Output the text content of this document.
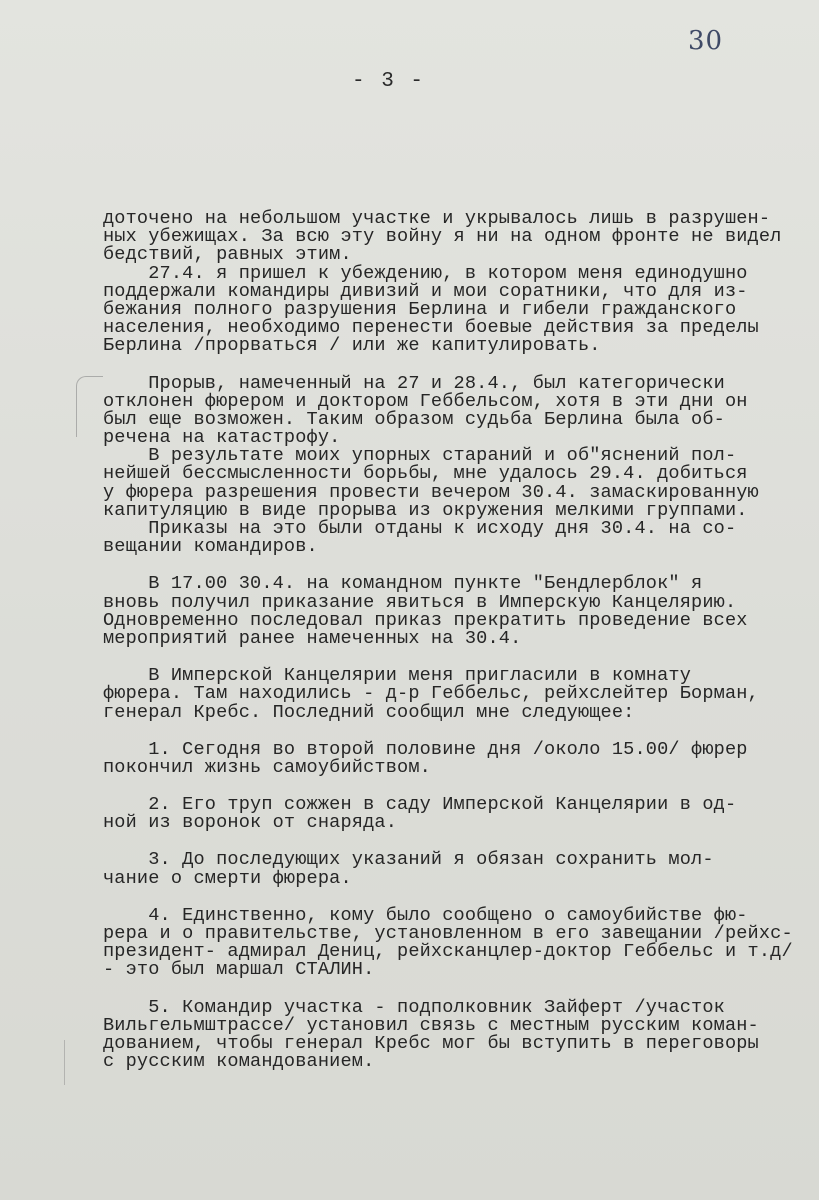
30
- 3 -
доточено на небольшом участке и укрывалось лишь в разрушен-
ных убежищах. За всю эту войну я ни на одном фронте не видел
бедствий, равных этим.
27.4. я пришел к убеждению, в котором меня единодушно
поддержали командиры дивизий и мои соратники, что для из-
бежания полного разрушения Берлина и гибели гражданского
населения, необходимо перенести боевые действия за пределы
Берлина /прорваться / или же капитулировать.
Прорыв, намеченный на 27 и 28.4., был категорически
отклонен фюрером и доктором Геббельсом, хотя в эти дни он
был еще возможен. Таким образом судьба Берлина была об-
речена на катастрофу.
В результате моих упорных стараний и об"яснений пол-
нейшей бессмысленности борьбы, мне удалось 29.4. добиться
у фюрера разрешения провести вечером 30.4. замаскированную
капитуляцию в виде прорыва из окружения мелкими группами.
Приказы на это были отданы к исходу дня 30.4. на со-
вещании командиров.
В 17.00 30.4. на командном пункте "Бендлерблок" я
вновь получил приказание явиться в Имперскую Канцелярию.
Одновременно последовал приказ прекратить проведение всех
мероприятий ранее намеченных на 30.4.
В Имперской Канцелярии меня пригласили в комнату
фюрера. Там находились - д-р Геббельс, рейхслейтер Борман,
генерал Кребс. Последний сообщил мне следующее:
1. Сегодня во второй половине дня /около 15.00/ фюрер
покончил жизнь самоубийством.
2. Его труп сожжен в саду Имперской Канцелярии в од-
ной из воронок от снаряда.
3. До последующих указаний я обязан сохранить мол-
чание о смерти фюрера.
4. Единственно, кому было сообщено о самоубийстве фю-
рера и о правительстве, установленном в его завещании /рейхс-
президент- адмирал Дениц, рейхсканцлер-доктор Геббельс и т.д/
- это был маршал СТАЛИН.
5. Командир участка - подполковник Зайферт /участок
Вильгельмштрассе/ установил связь с местным русским коман-
дованием, чтобы генерал Кребс мог бы вступить в переговоры
с русским командованием.
